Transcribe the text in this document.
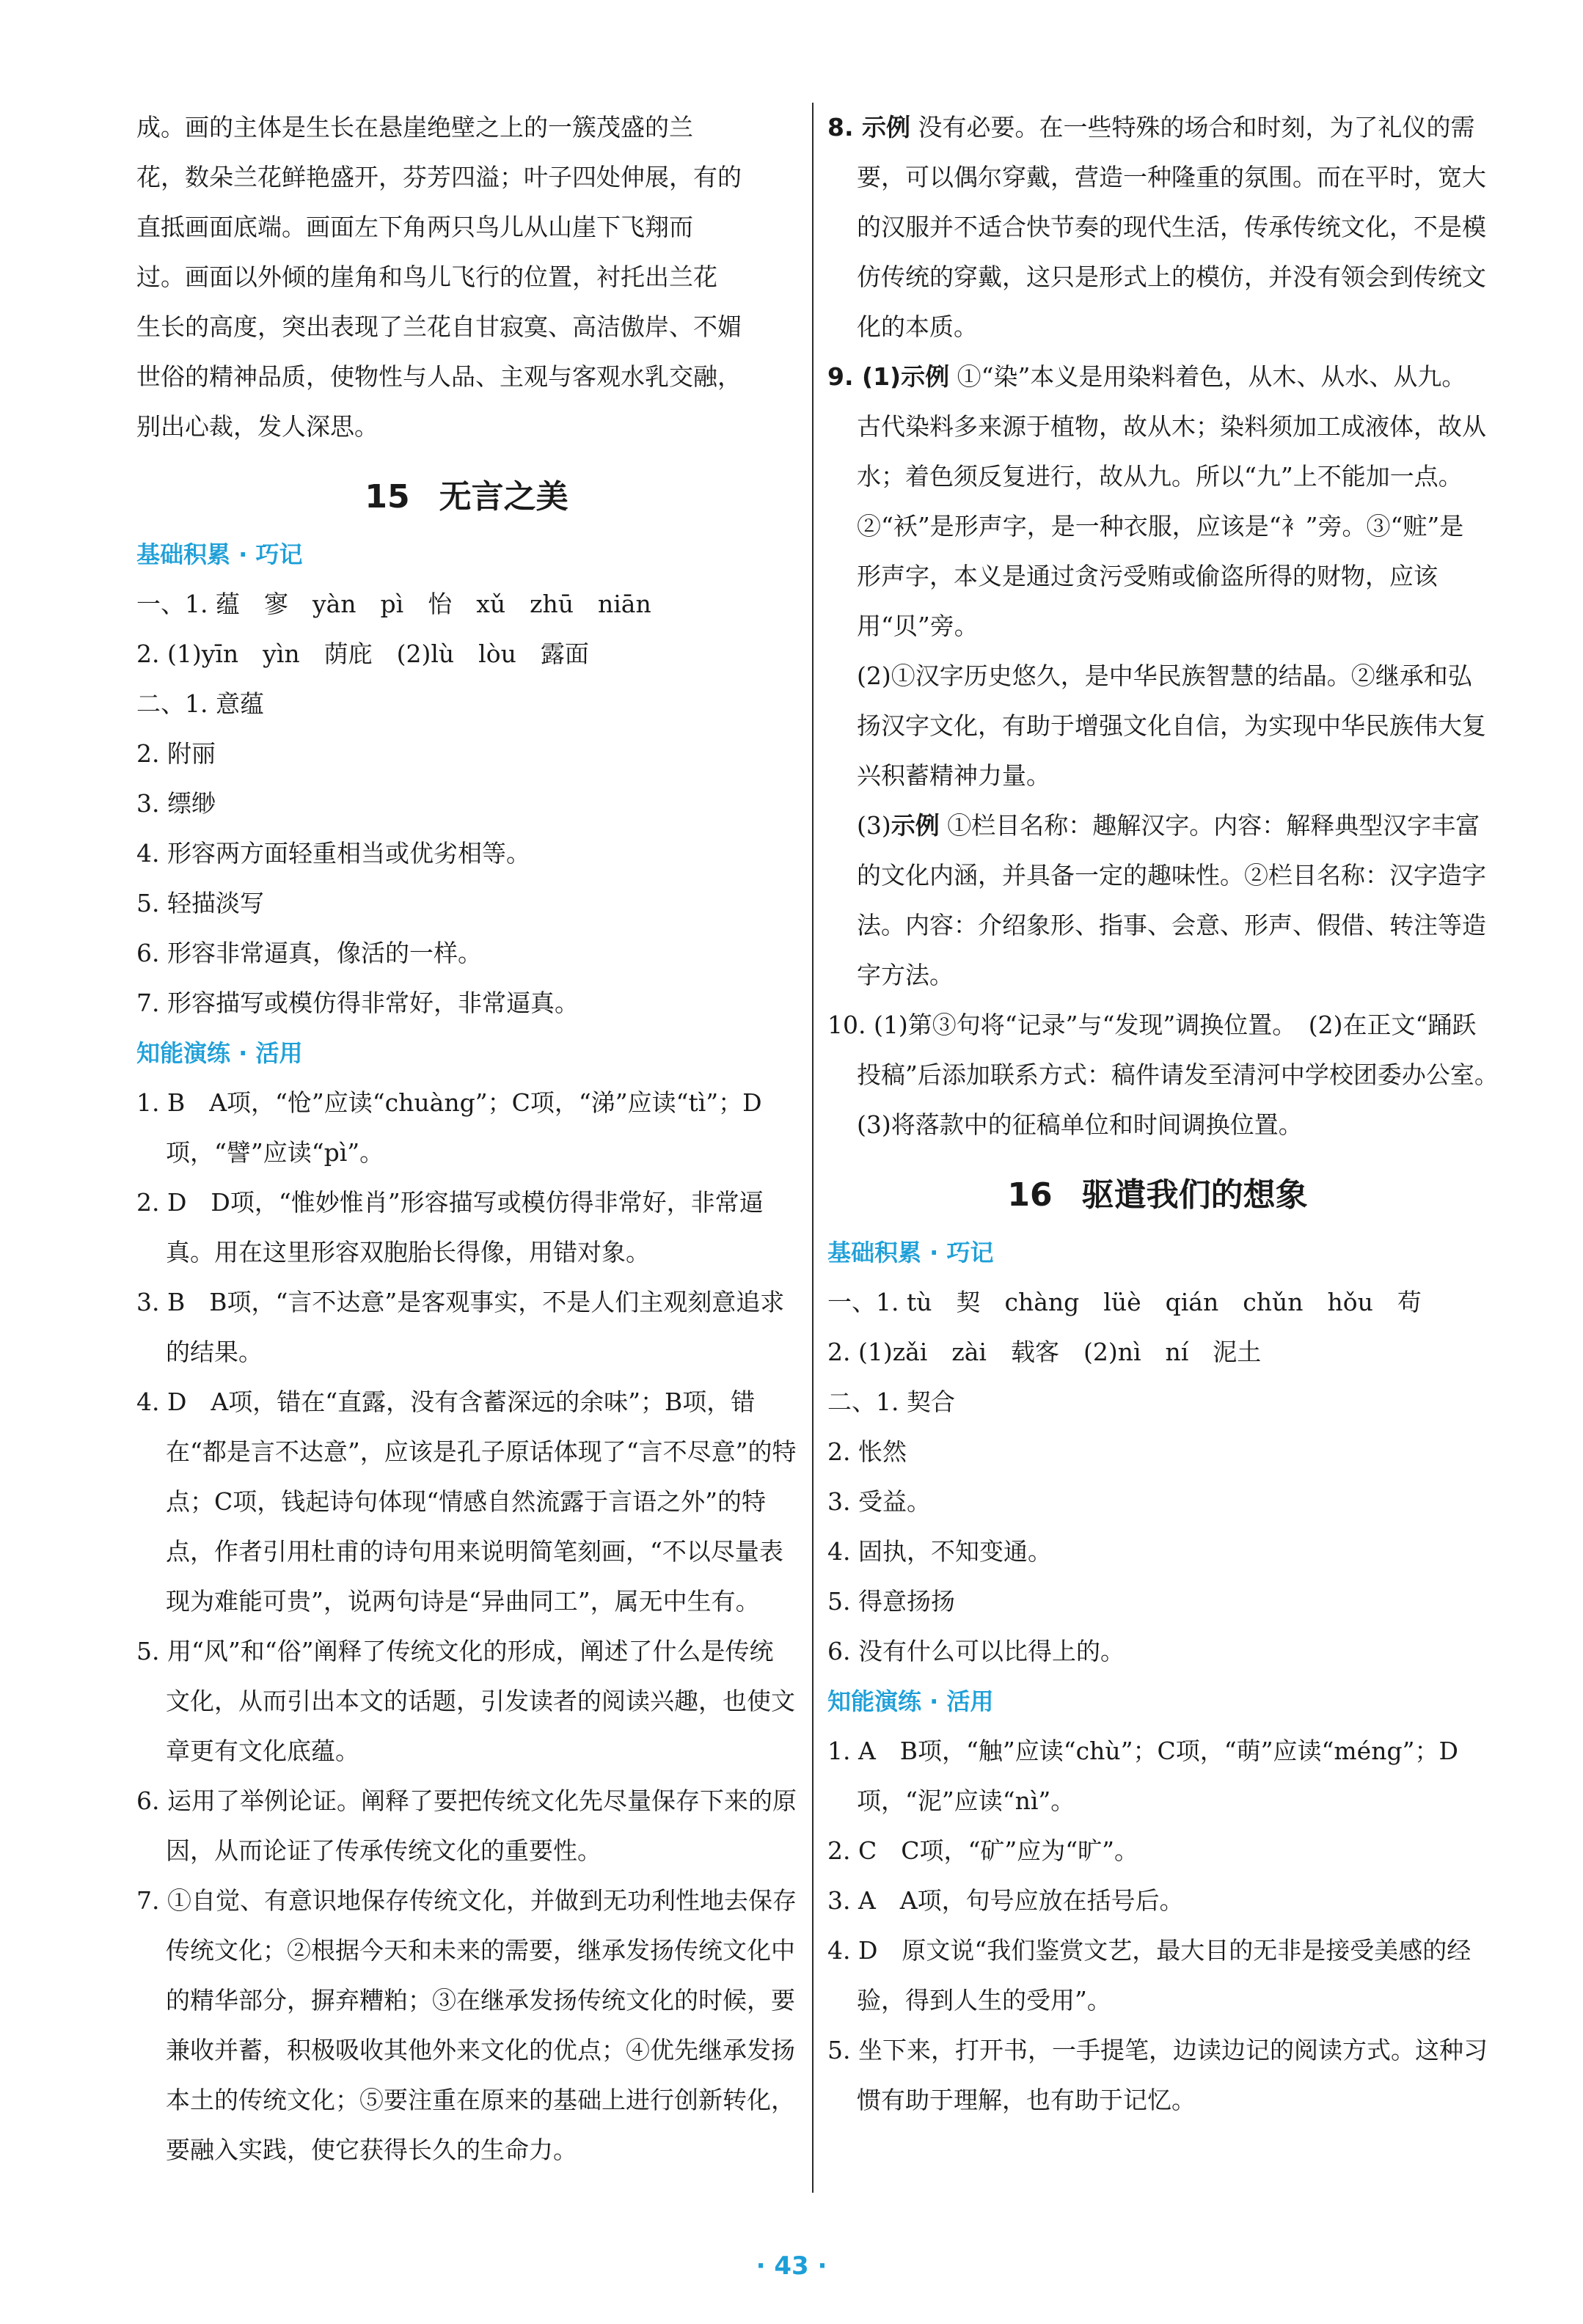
成。画的主体是生长在悬崖绝壁之上的一簇茂盛的兰

花，数朵兰花鲜艳盛开，芬芳四溢；叶子四处伸展，有的

直抵画面底端。画面左下角两只鸟儿从山崖下飞翔而

过。画面以外倾的崖角和鸟儿飞行的位置，衬托出兰花

生长的高度，突出表现了兰花自甘寂寞、高洁傲岸、不媚

世俗的精神品质，使物性与人品、主观与客观水乳交融，

别出心裁，发人深思。

15 无言之美

基础积累 · 巧记

一、1. 蕴　寥　yàn　pì　怡　xǔ　zhū　niān

2. (1)yīn　yìn　荫庇　(2)lù　lòu　露面

二、1. 意蕴

2. 附丽

3. 缥缈

4. 形容两方面轻重相当或优劣相等。

5. 轻描淡写

6. 形容非常逼真，像活的一样。

7. 形容描写或模仿得非常好，非常逼真。

知能演练 · 活用

1. B　A项，“怆”应读“chuàng”；C项，“涕”应读“tì”；D项，“譬”应读“pì”。

2. D　D项，“惟妙惟肖”形容描写或模仿得非常好，非常逼真。用在这里形容双胞胎长得像，用错对象。

3. B　B项，“言不达意”是客观事实，不是人们主观刻意追求的结果。

4. D　A项，错在“直露，没有含蓄深远的余味”；B项，错在“都是言不达意”，应该是孔子原话体现了“言不尽意”的特点；C项，钱起诗句体现“情感自然流露于言语之外”的特点，作者引用杜甫的诗句用来说明简笔刻画，“不以尽量表现为难能可贵”，说两句诗是“异曲同工”，属无中生有。

5. 用“风”和“俗”阐释了传统文化的形成，阐述了什么是传统文化，从而引出本文的话题，引发读者的阅读兴趣，也使文章更有文化底蕴。

6. 运用了举例论证。阐释了要把传统文化先尽量保存下来的原因，从而论证了传承传统文化的重要性。

7. ①自觉、有意识地保存传统文化，并做到无功利性地去保存传统文化；②根据今天和未来的需要，继承发扬传统文化中的精华部分，摒弃糟粕；③在继承发扬传统文化的时候，要兼收并蓄，积极吸收其他外来文化的优点；④优先继承发扬本土的传统文化；⑤要注重在原来的基础上进行创新转化，要融入实践，使它获得长久的生命力。

8. 示例 没有必要。在一些特殊的场合和时刻，为了礼仪的需要，可以偶尔穿戴，营造一种隆重的氛围。而在平时，宽大的汉服并不适合快节奏的现代生活，传承传统文化，不是模仿传统的穿戴，这只是形式上的模仿，并没有领会到传统文化的本质。

9. (1)示例 ①“染”本义是用染料着色，从木、从水、从九。古代染料多来源于植物，故从木；染料须加工成液体，故从水；着色须反复进行，故从九。所以“九”上不能加一点。②“袄”是形声字，是一种衣服，应该是“衤”旁。③“赃”是形声字，本义是通过贪污受贿或偷盗所得的财物，应该用“贝”旁。

(2)①汉字历史悠久，是中华民族智慧的结晶。②继承和弘扬汉字文化，有助于增强文化自信，为实现中华民族伟大复兴积蓄精神力量。

(3)示例 ①栏目名称：趣解汉字。内容：解释典型汉字丰富的文化内涵，并具备一定的趣味性。②栏目名称：汉字造字法。内容：介绍象形、指事、会意、形声、假借、转注等造字方法。

10. (1)第③句将“记录”与“发现”调换位置。　(2)在正文“踊跃投稿”后添加联系方式：稿件请发至清河中学校团委办公室。　(3)将落款中的征稿单位和时间调换位置。

16 驱遣我们的想象

基础积累 · 巧记

一、1. tù　契　chàng　lüè　qián　chǔn　hǒu　苟

2. (1)zǎi　zài　载客　(2)nì　ní　泥土

二、1. 契合

2. 怅然

3. 受益。

4. 固执，不知变通。

5. 得意扬扬

6. 没有什么可以比得上的。

知能演练 · 活用

1. A　B项，“触”应读“chù”；C项，“萌”应读“méng”；D项，“泥”应读“nì”。

2. C　C项，“矿”应为“旷”。

3. A　A项，句号应放在括号后。

4. D　原文说“我们鉴赏文艺，最大目的无非是接受美感的经验，得到人生的受用”。

5. 坐下来，打开书，一手提笔，边读边记的阅读方式。这种习惯有助于理解，也有助于记忆。

· 43 ·
